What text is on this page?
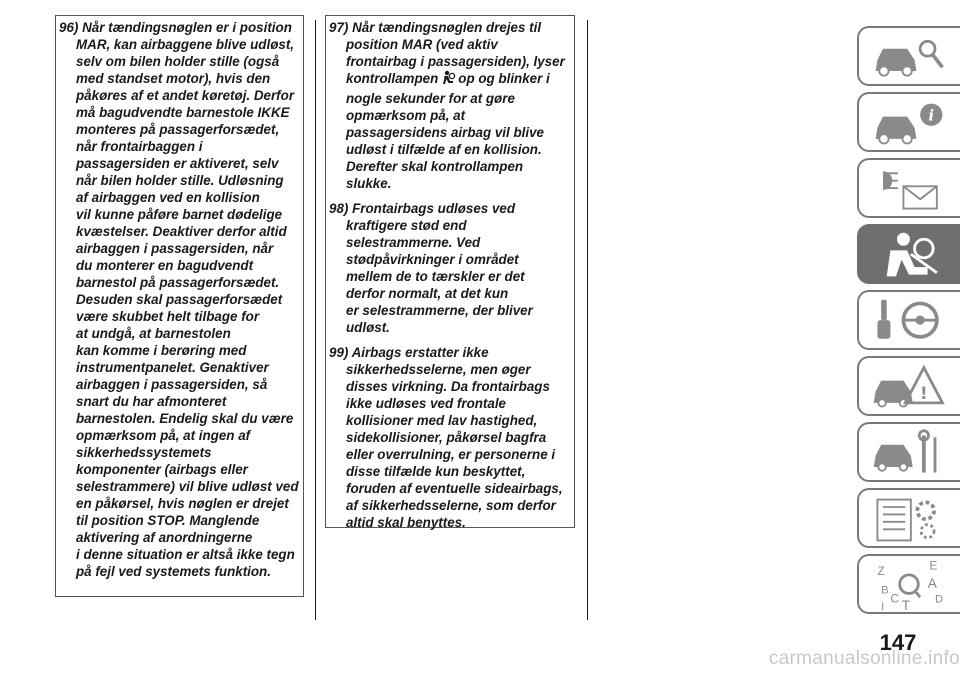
96) Når tændingsnøglen er i position
MAR, kan airbaggene blive udløst,
selv om bilen holder stille (også
med standset motor), hvis den
påkøres af et andet køretøj. Derfor
må bagudvendte barnestole IKKE
monteres på passagerforsædet,
når frontairbaggen i
passagersiden er aktiveret, selv
når bilen holder stille. Udløsning
af airbaggen ved en kollision
vil kunne påføre barnet dødelige
kvæstelser. Deaktiver derfor altid
airbaggen i passagersiden, når
du monterer en bagudvendt
barnestol på passagerforsædet.
Desuden skal passagerforsædet
være skubbet helt tilbage for
at undgå, at barnestolen
kan komme i berøring med
instrumentpanelet. Genaktiver
airbaggen i passagersiden, så
snart du har afmonteret
barnestolen. Endelig skal du være
opmærksom på, at ingen af
sikkerhedssystemets
komponenter (airbags eller
selestrammere) vil blive udløst ved
en påkørsel, hvis nøglen er drejet
til position STOP. Manglende
aktivering af anordningerne
i denne situation er altså ikke tegn
på fejl ved systemets funktion.
97) Når tændingsnøglen drejes til
position MAR (ved aktiv
frontairbag i passagersiden), lyser
kontrollampen op og blinker i
nogle sekunder for at gøre
opmærksom på, at
passagersidens airbag vil blive
udløst i tilfælde af en kollision.
Derefter skal kontrollampen
slukke.
98) Frontairbags udløses ved
kraftigere stød end
selestrammerne. Ved
stødpåvirkninger i området
mellem de to tærskler er det
derfor normalt, at det kun
er selestrammerne, der bliver
udløst.
99) Airbags erstatter ikke
sikkerhedsselerne, men øger
disses virkning. Da frontairbags
ikke udløses ved frontale
kollisioner med lav hastighed,
sidekollisioner, påkørsel bagfra
eller overrulning, er personerne i
disse tilfælde kun beskyttet,
foruden af eventuelle sideairbags,
af sikkerhedsselerne, som derfor
altid skal benyttes.
i
!
Z	E
B	A
C T D
I
147
carmanualsonline.info
